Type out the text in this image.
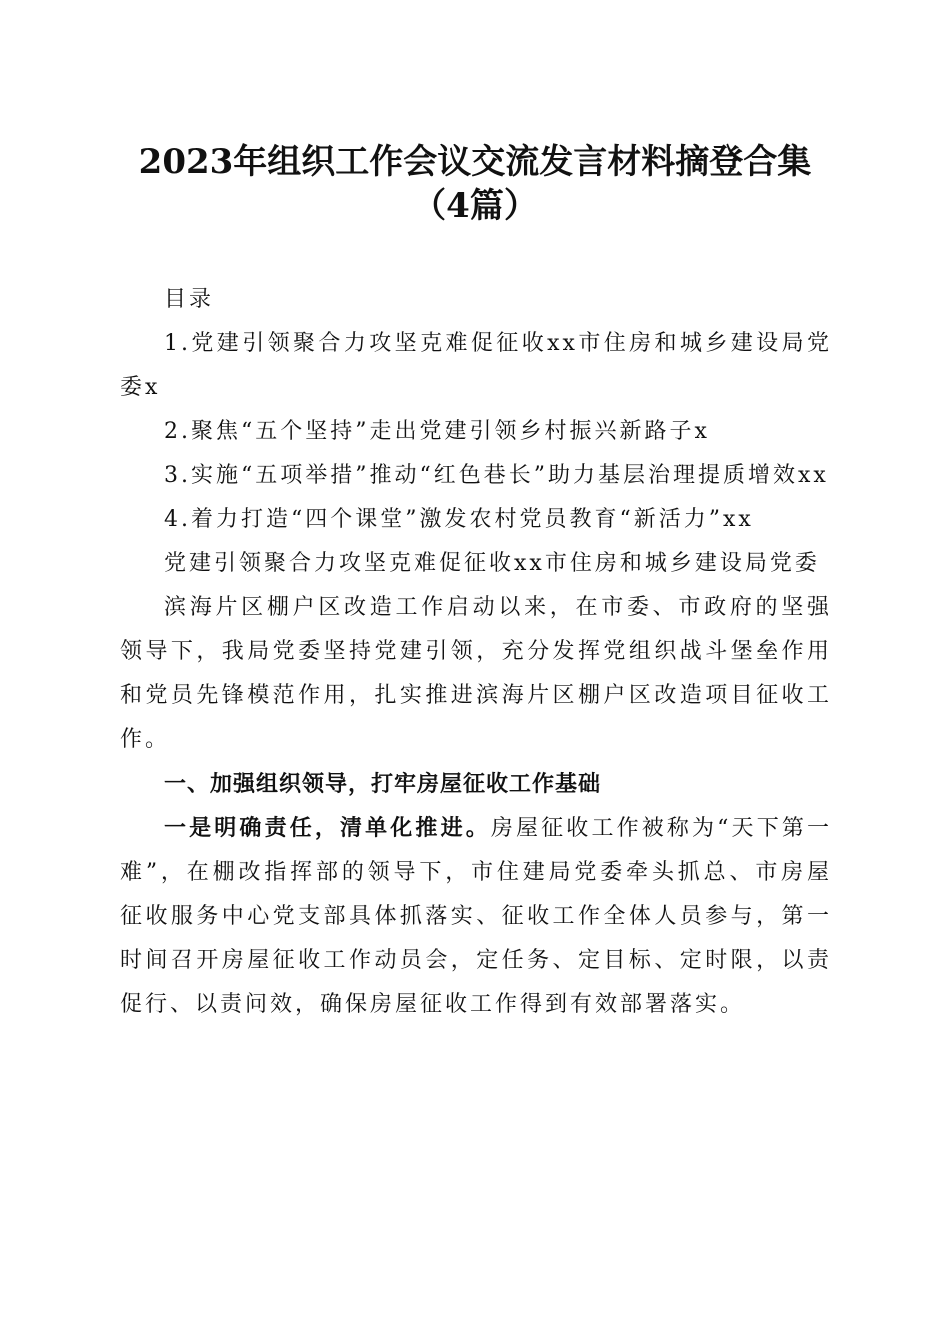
2023年组织工作会议交流发言材料摘登合集
（4篇）

目录

1.党建引领聚合力攻坚克难促征收xx市住房和城乡建设局党委x

2.聚焦“五个坚持”走出党建引领乡村振兴新路子x

3.实施“五项举措”推动“红色巷长”助力基层治理提质增效xx

4.着力打造“四个课堂”激发农村党员教育“新活力”xx

党建引领聚合力攻坚克难促征收xx市住房和城乡建设局党委

滨海片区棚户区改造工作启动以来，在市委、市政府的坚强领导下，我局党委坚持党建引领，充分发挥党组织战斗堡垒作用和党员先锋模范作用，扎实推进滨海片区棚户区改造项目征收工作。

一、加强组织领导，打牢房屋征收工作基础

一是明确责任，清单化推进。房屋征收工作被称为“天下第一难”，在棚改指挥部的领导下，市住建局党委牵头抓总、市房屋征收服务中心党支部具体抓落实、征收工作全体人员参与，第一时间召开房屋征收工作动员会，定任务、定目标、定时限，以责促行、以责问效，确保房屋征收工作得到有效部署落实。
